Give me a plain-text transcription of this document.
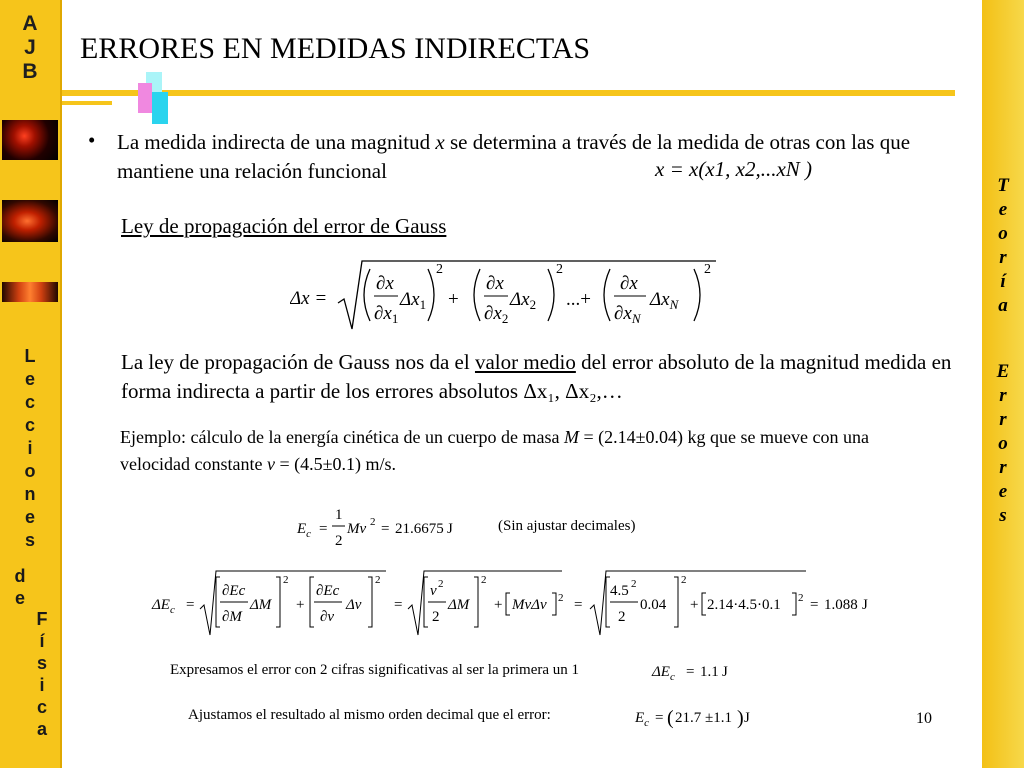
A
J
B
L
e
c
c
i
o
n
e
s
d
e
F
í
s
i
c
a
T
e
o
r
í
a
E
r
r
o
r
e
s
ERRORES EN MEDIDAS INDIRECTAS
• La medida indirecta de una magnitud x se determina a través de la medida de otras con las que mantiene una relación funcional	x = x(x1, x2,...xN )
Ley de propagación del error de Gauss
Δx =
∂x
$\partial x_1$
$\Delta x_1$
2
+
∂x
$\partial x_2$
$\Delta x_2$
2
...+
∂x
$\partial x_N$
$\Delta x_N$
2
La ley de propagación de Gauss nos da el valor medio del error absoluto de la magnitud medida en forma indirecta a partir de los errores absolutos Δx₁, Δx₂,…
Ejemplo: cálculo de la energía cinética de un cuerpo de masa M = (2.14±0.04) kg que se mueve con una velocidad constante v = (4.5±0.1) m/s.
$E_c$ =
1
2
Mv 2 = 21.6675 J	(Sin ajustar decimales)
$\Delta E_c$ =
∂Ec
∂M
ΔM
2
+
∂Ec
∂v
Δv
2
=
v 2
2
ΔM
2
+ MvΔv 2 =
4.5 2
2
0.04
2
+ 2.14·4.5·0.1 2 = 1.088 J
Expresamos el error con 2 cifras significativas al ser la primera un 1	$\Delta E_c = 1.1$ J
Ajustamos el resultado al mismo orden decimal que el error:	$E_c$ = ( 21.7 ±1.1 ) J	10
